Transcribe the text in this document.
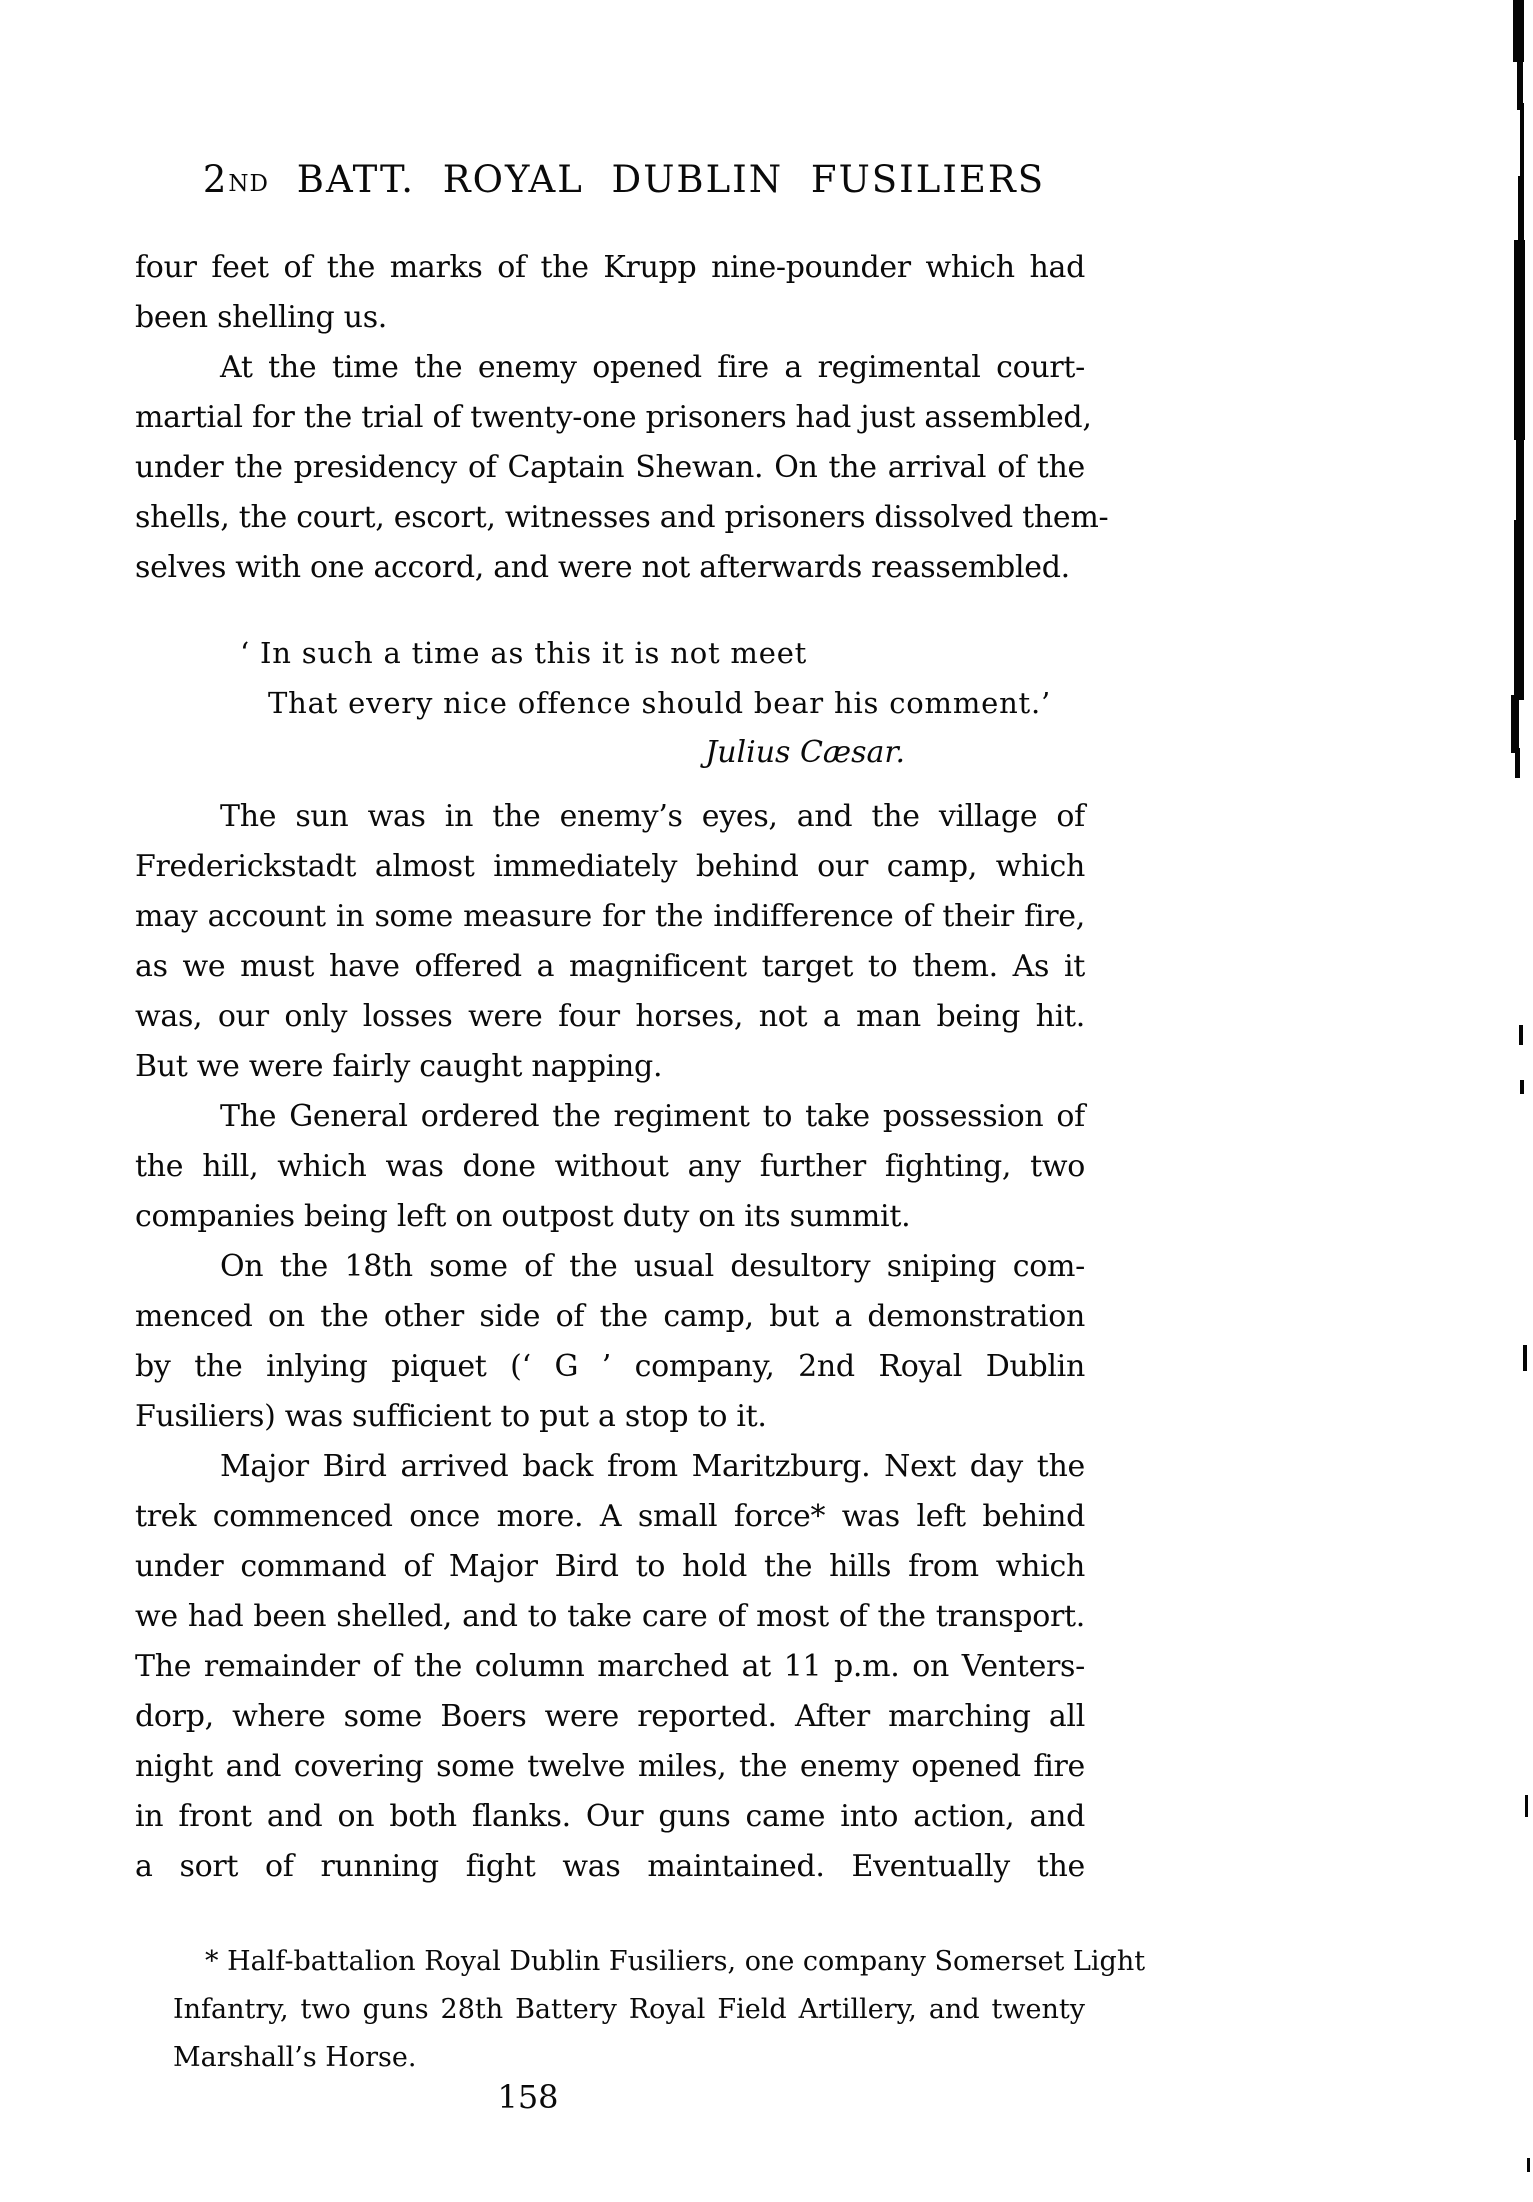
2ND BATT. ROYAL DUBLIN FUSILIERS
four feet of the marks of the Krupp nine-pounder which had
been shelling us.
At the time the enemy opened fire a regimental court-
martial for the trial of twenty-one prisoners had just assembled,
under the presidency of Captain Shewan. On the arrival of the
shells, the court, escort, witnesses and prisoners dissolved them-
selves with one accord, and were not afterwards reassembled.
‘ In such a time as this it is not meet
That every nice offence should bear his comment.’
Julius Cæsar.
The sun was in the enemy’s eyes, and the village of
Frederickstadt almost immediately behind our camp, which
may account in some measure for the indifference of their fire,
as we must have offered a magnificent target to them. As it
was, our only losses were four horses, not a man being hit.
But we were fairly caught napping.
The General ordered the regiment to take possession of
the hill, which was done without any further fighting, two
companies being left on outpost duty on its summit.
On the 18th some of the usual desultory sniping com-
menced on the other side of the camp, but a demonstration
by the inlying piquet (‘ G ’ company, 2nd Royal Dublin
Fusiliers) was sufficient to put a stop to it.
Major Bird arrived back from Maritzburg. Next day the
trek commenced once more. A small force* was left behind
under command of Major Bird to hold the hills from which
we had been shelled, and to take care of most of the transport.
The remainder of the column marched at 11 p.m. on Venters-
dorp, where some Boers were reported. After marching all
night and covering some twelve miles, the enemy opened fire
in front and on both flanks. Our guns came into action, and
a sort of running fight was maintained. Eventually the
* Half-battalion Royal Dublin Fusiliers, one company Somerset Light
Infantry, two guns 28th Battery Royal Field Artillery, and twenty
Marshall’s Horse.
158
